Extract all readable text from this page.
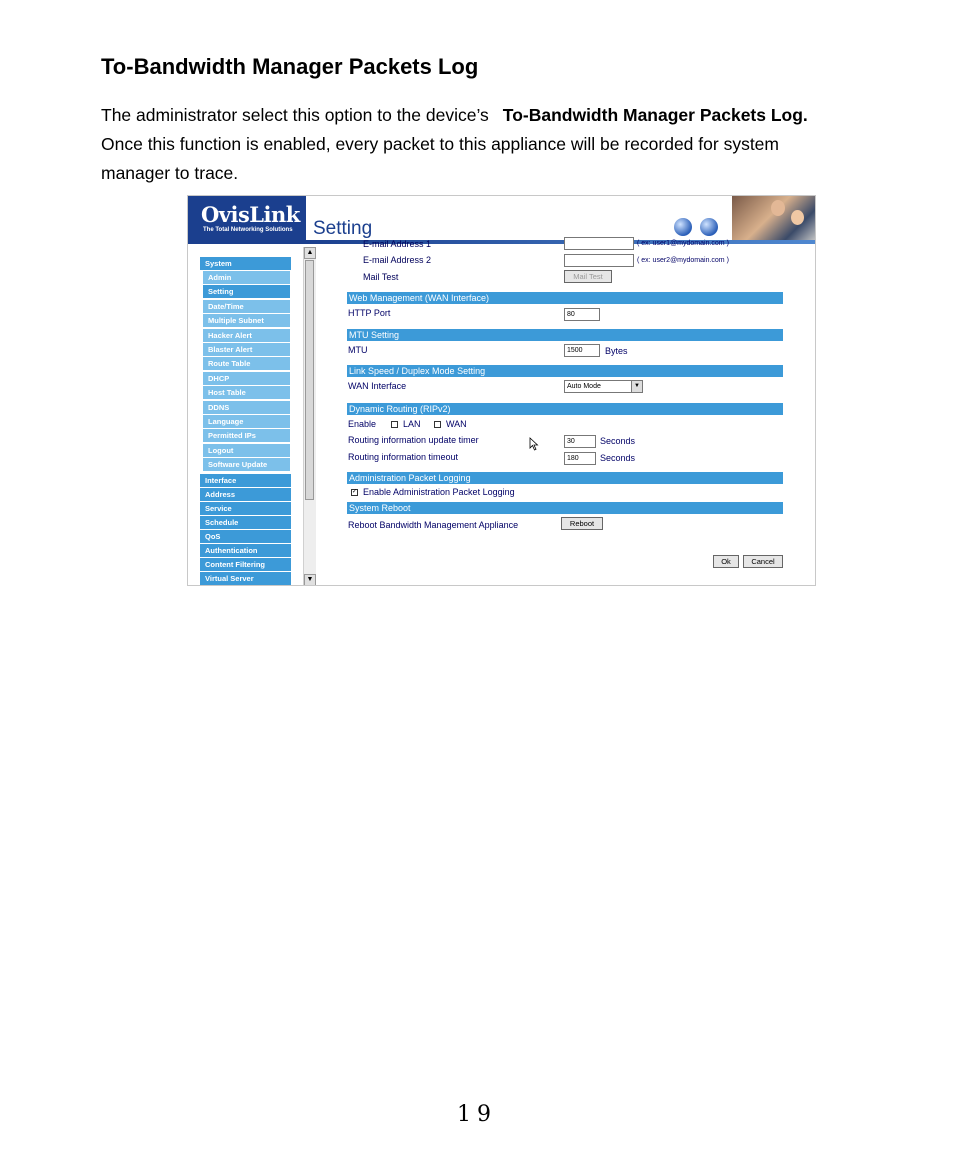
To-Bandwidth Manager Packets Log

The administrator select this option to the device’s To-Bandwidth Manager Packets Log.
Once this function is enabled, every packet to this appliance will be recorded for system
manager to trace.

OvisLink
The Total Networking Solutions Setting
System
Admin
Setting
Date/Time
Multiple Subnet
Hacker Alert
Blaster Alert
Route Table
DHCP
Host Table
DDNS
Language
Permitted IPs
Logout
Software Update
Interface
Address
Service
Schedule
QoS
Authentication
Content Filtering
Virtual Server
▲
▼
E-mail Address 1	( ex: user1@mydomain.com )
E-mail Address 2	( ex: user2@mydomain.com )
Mail Test	Mail Test
Web Management (WAN Interface)
HTTP Port	80
MTU Setting
MTU	1500	Bytes
Link Speed / Duplex Mode Setting
WAN Interface	Auto Mode	▼
Dynamic Routing (RIPv2)
Enable	LAN	WAN
Routing information update timer	30	Seconds
Routing information timeout	180	Seconds
Administration Packet Logging
✓ Enable Administration Packet Logging
System Reboot
Reboot Bandwidth Management Appliance	Reboot
Ok	Cancel
19
